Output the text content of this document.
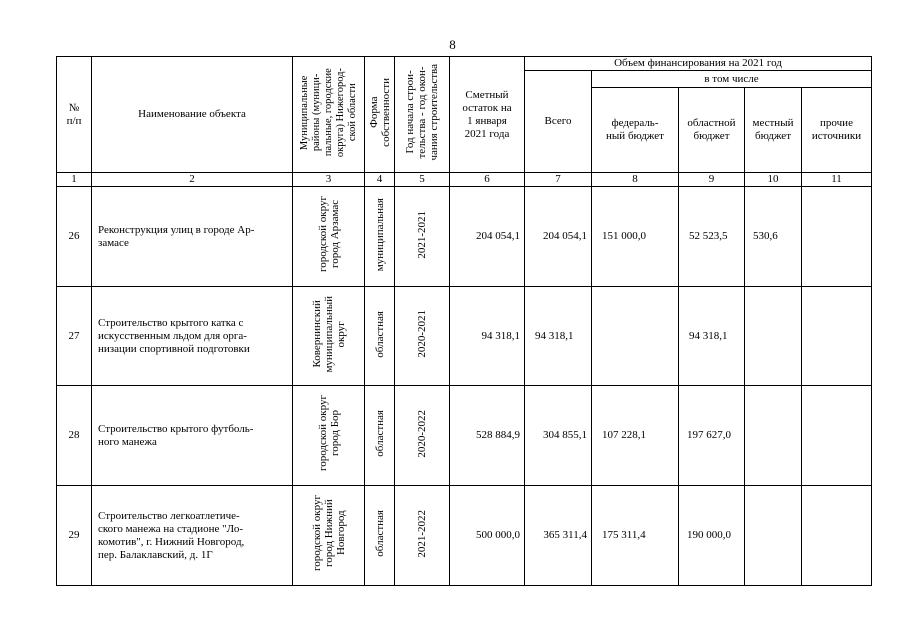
8
№
п/п	Наименование объекта	Муниципальные
районы (муници-
пальные, городские
округа) Нижегород-
ской области	Форма
собственности	Год начала строи-
тельства - год окон-
чания строительства	Сметный
остаток на
1 января
2021 года	Объем финансирования на 2021 год				
						Всего	в том числе			
							федераль-
ный бюджет	областной
бюджет	местный
бюджет	прочие
источники
1	2	3	4	5	6	7	8	9	10	11
26	Реконструкция улиц в городе Ар-
замасе	городской округ
город Арзамас	муниципальная	2021-2021	204 054,1	204 054,1	151 000,0	52 523,5	530,6	
27	Строительство крытого катка с
искусственным льдом для орга-
низации спортивной подготовки	Ковернинский
муниципальный
округ	областная	2020-2021	94 318,1	94 318,1		94 318,1		
28	Строительство крытого футболь-
ного манежа	городской округ
город Бор	областная	2020-2022	528 884,9	304 855,1	107 228,1	197 627,0		
29	Строительство легкоатлетиче-
ского манежа на стадионе "Ло-
комотив", г. Нижний Новгород,
пер. Балаклавский, д. 1Г	городской округ
город Нижний
Новгород	областная	2021-2022	500 000,0	365 311,4	175 311,4	190 000,0		
